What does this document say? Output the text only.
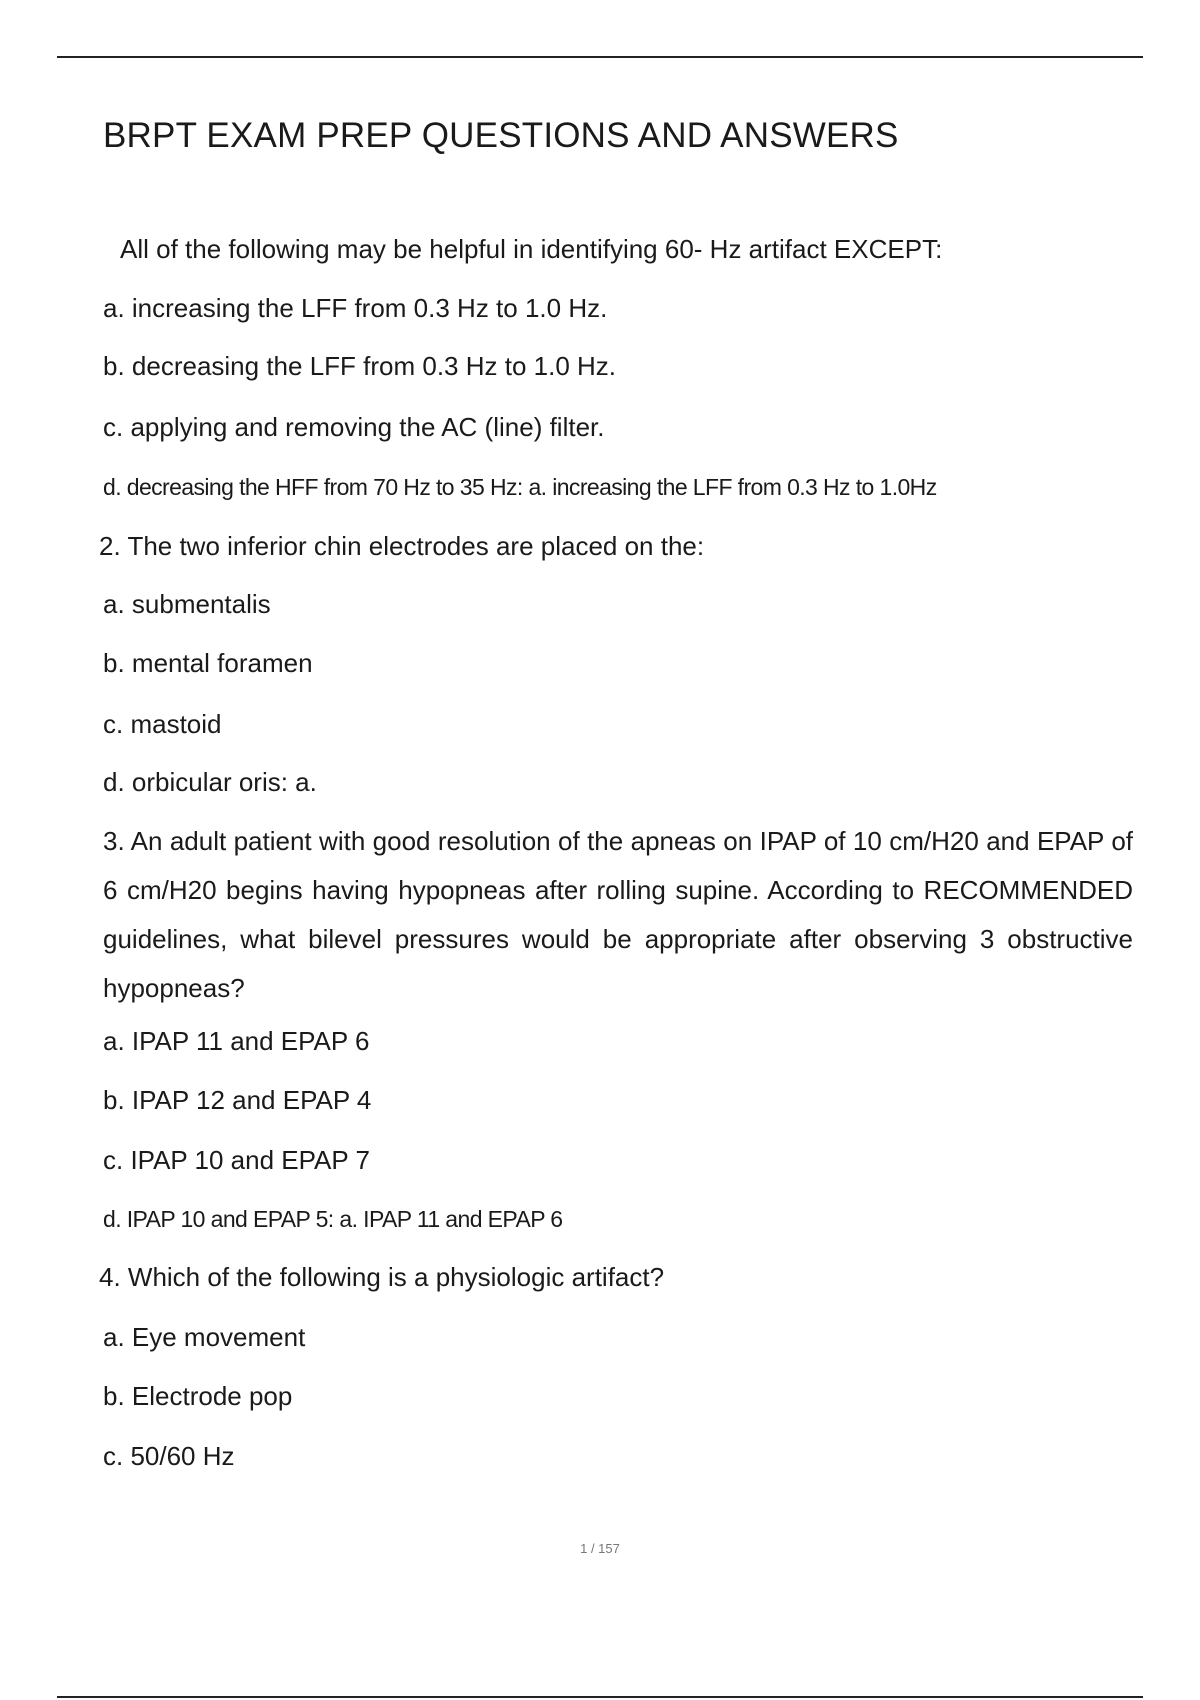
BRPT EXAM PREP QUESTIONS AND ANSWERS
All of the following may be helpful in identifying 60- Hz artifact EXCEPT:
a. increasing the LFF from 0.3 Hz to 1.0 Hz.
b. decreasing the LFF from 0.3 Hz to 1.0 Hz.
c. applying and removing the AC (line) filter.
d. decreasing the HFF from 70 Hz to 35 Hz: a. increasing the LFF from 0.3 Hz to 1.0Hz
2. The two inferior chin electrodes are placed on the:
a. submentalis
b. mental foramen
c. mastoid
d. orbicular oris: a.

3. An adult patient with good resolution of the apneas on IPAP of 10 cm/H20 and EPAP of 6 cm/H20 begins having hypopneas after rolling supine. According to RECOMMENDED guidelines, what bilevel pressures would be appropriate after observing 3 obstructive hypopneas?

a. IPAP 11 and EPAP 6
b. IPAP 12 and EPAP 4
c. IPAP 10 and EPAP 7
d. IPAP 10 and EPAP 5: a. IPAP 11 and EPAP 6
4. Which of the following is a physiologic artifact?
a. Eye movement
b. Electrode pop
c. 50/60 Hz
1 / 157
